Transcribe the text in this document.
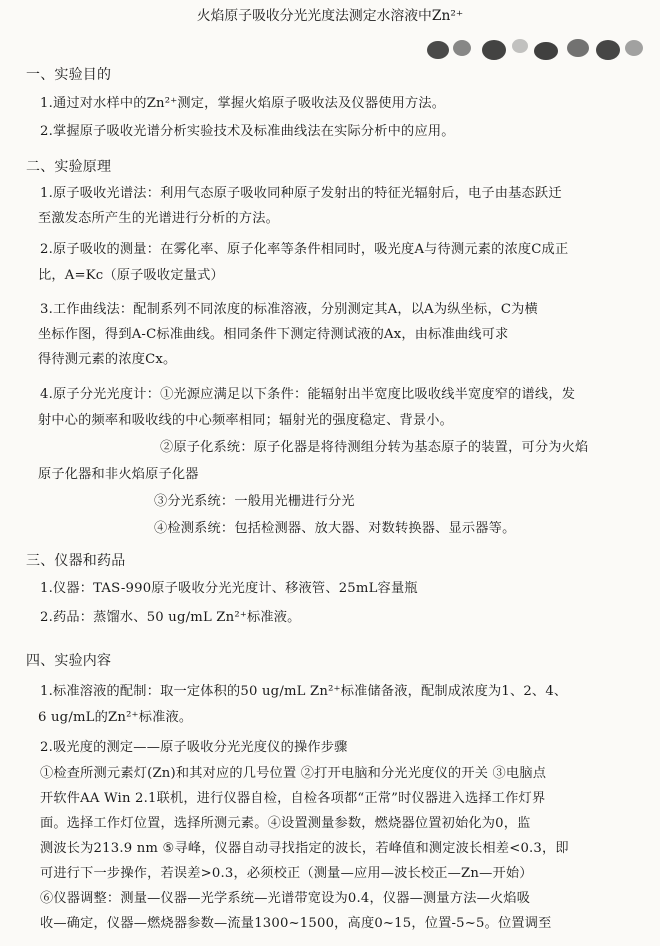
火焰原子吸收分光光度法测定水溶液中Zn²⁺
一、实验目的
1.通过对水样中的Zn²⁺测定，掌握火焰原子吸收法及仪器使用方法。
2.掌握原子吸收光谱分析实验技术及标准曲线法在实际分析中的应用。
二、实验原理
1.原子吸收光谱法：利用气态原子吸收同种原子发射出的特征光辐射后，电子由基态跃迁
至激发态所产生的光谱进行分析的方法。
2.原子吸收的测量：在雾化率、原子化率等条件相同时，吸光度A与待测元素的浓度C成正
比，A=Kc（原子吸收定量式）
3.工作曲线法：配制系列不同浓度的标准溶液，分别测定其A，以A为纵坐标，C为横
坐标作图，得到A-C标准曲线。相同条件下测定待测试液的Ax，由标准曲线可求
得待测元素的浓度Cx。
4.原子分光光度计：①光源应满足以下条件：能辐射出半宽度比吸收线半宽度窄的谱线，发
射中心的频率和吸收线的中心频率相同；辐射光的强度稳定、背景小。
②原子化系统：原子化器是将待测组分转为基态原子的装置，可分为火焰
原子化器和非火焰原子化器
③分光系统：一般用光栅进行分光
④检测系统：包括检测器、放大器、对数转换器、显示器等。
三、仪器和药品
1.仪器：TAS-990原子吸收分光光度计、移液管、25mL容量瓶
2.药品：蒸馏水、50 ug/mL Zn²⁺标准液。
四、实验内容
1.标准溶液的配制：取一定体积的50 ug/mL Zn²⁺标准储备液，配制成浓度为1、2、4、
6 ug/mL的Zn²⁺标准液。
2.吸光度的测定——原子吸收分光光度仪的操作步骤
①检查所测元素灯(Zn)和其对应的几号位置 ②打开电脑和分光光度仪的开关 ③电脑点
开软件AA Win 2.1联机，进行仪器自检，自检各项都“正常”时仪器进入选择工作灯界
面。选择工作灯位置，选择所测元素。④设置测量参数，燃烧器位置初始化为0，监
测波长为213.9 nm ⑤寻峰，仪器自动寻找指定的波长，若峰值和测定波长相差<0.3，即
可进行下一步操作，若误差>0.3，必须校正（测量—应用—波长校正—Zn—开始）
⑥仪器调整：测量—仪器—光学系统—光谱带宽设为0.4，仪器—测量方法—火焰吸
收—确定，仪器—燃烧器参数—流量1300~1500，高度0~15，位置-5~5。位置调至
